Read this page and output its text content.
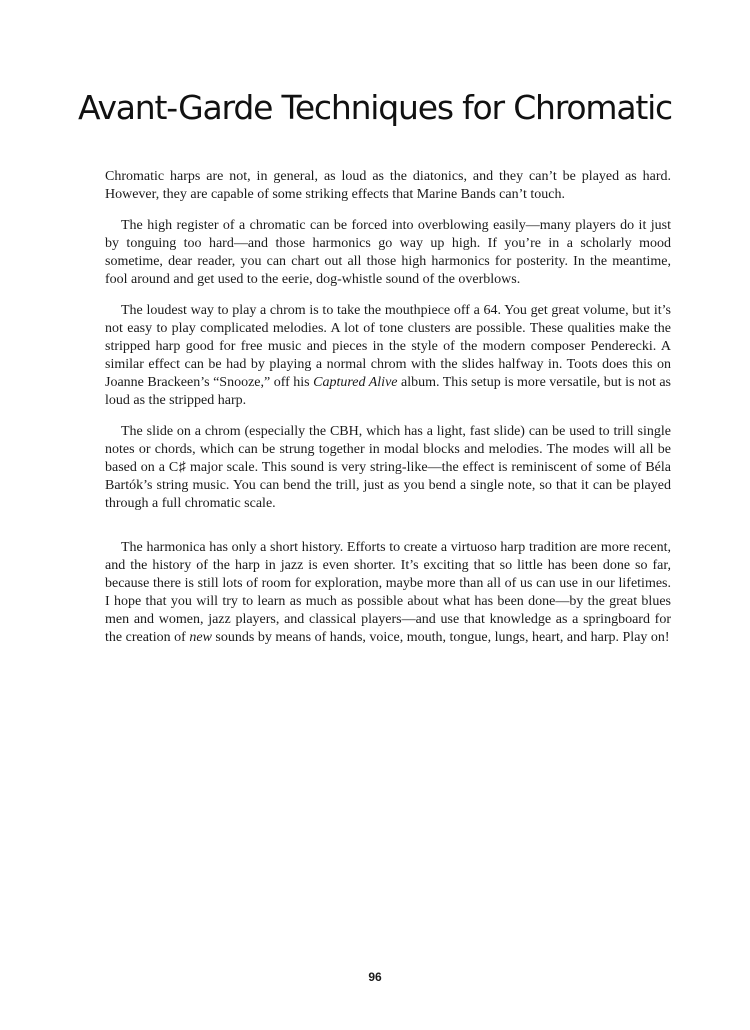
Avant-Garde Techniques for Chromatic

Chromatic harps are not, in general, as loud as the diatonics, and they can’t be played as hard. However, they are capable of some striking effects that Marine Bands can’t touch.

The high register of a chromatic can be forced into overblowing easily—many players do it just by tonguing too hard—and those harmonics go way up high. If you’re in a scholarly mood sometime, dear reader, you can chart out all those high harmonics for posterity. In the meantime, fool around and get used to the eerie, dog-whistle sound of the overblows.

The loudest way to play a chrom is to take the mouthpiece off a 64. You get great volume, but it’s not easy to play complicated melodies. A lot of tone clusters are possible. These qualities make the stripped harp good for free music and pieces in the style of the modern composer Penderecki. A similar effect can be had by playing a normal chrom with the slides halfway in. Toots does this on Joanne Brackeen’s “Snooze,” off his Captured Alive album. This setup is more versatile, but is not as loud as the stripped harp.

The slide on a chrom (especially the CBH, which has a light, fast slide) can be used to trill single notes or chords, which can be strung together in modal blocks and melodies. The modes will all be based on a C♯ major scale. This sound is very string-like—the effect is reminiscent of some of Béla Bartók’s string music. You can bend the trill, just as you bend a single note, so that it can be played through a full chromatic scale.

The harmonica has only a short history. Efforts to create a virtuoso harp tradition are more recent, and the history of the harp in jazz is even shorter. It’s exciting that so little has been done so far, because there is still lots of room for exploration, maybe more than all of us can use in our lifetimes. I hope that you will try to learn as much as possible about what has been done—by the great blues men and women, jazz players, and classical players—and use that knowledge as a springboard for the creation of new sounds by means of hands, voice, mouth, tongue, lungs, heart, and harp. Play on!

96
